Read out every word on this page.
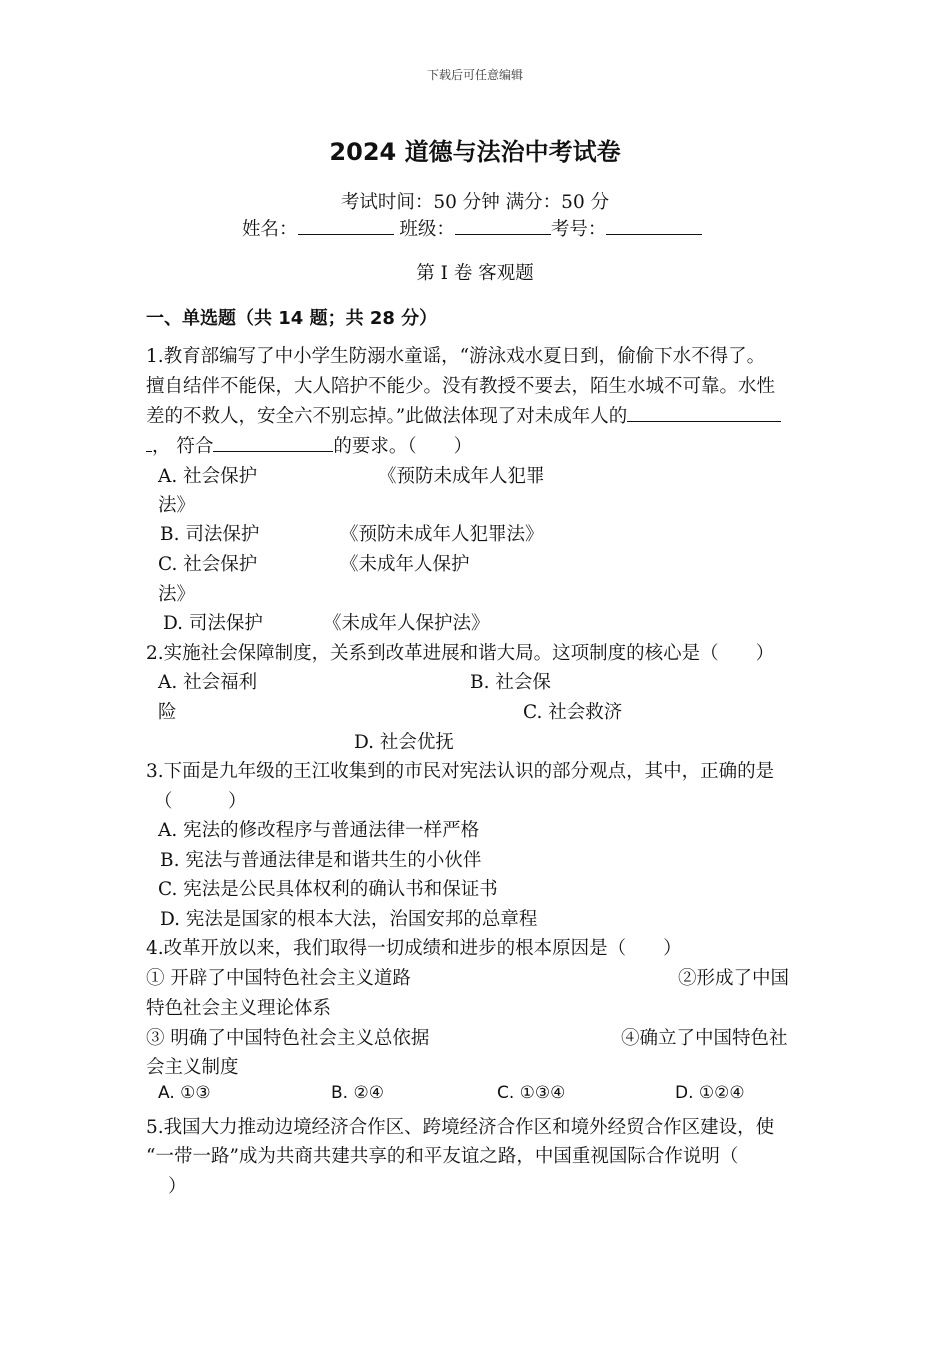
下载后可任意编辑
2024 道德与法治中考试卷
考试时间：50 分钟 满分：50 分
姓名：	班级：	考号：
第 I 卷 客观题
一、单选题（共 14 题；共 28 分）
1.教育部编写了中小学生防溺水童谣，“游泳戏水夏日到，偷偷下水不得了。
擅自结伴不能保，大人陪护不能少。没有教授不要去，陌生水城不可靠。水性
差的不救人，安全六不别忘掉。”此做法体现了对未成年人的
， 符合	的要求。（　　）
A. 社会保护	《预防未成年人犯罪
法》
B. 司法保护	《预防未成年人犯罪法》
C. 社会保护	《未成年人保护
法》
D. 司法保护	《未成年人保护法》
2.实施社会保障制度，关系到改革进展和谐大局。这项制度的核心是（　　）
A. 社会福利	B. 社会保
险	C. 社会救济
D. 社会优抚
3.下面是九年级的王江收集到的市民对宪法认识的部分观点，其中，正确的是
（　　　）
A. 宪法的修改程序与普通法律一样严格
B. 宪法与普通法律是和谐共生的小伙伴
C. 宪法是公民具体权利的确认书和保证书
D. 宪法是国家的根本大法，治国安邦的总章程
4.改革开放以来，我们取得一切成绩和进步的根本原因是（　　）
① 开辟了中国特色社会主义道路	②形成了中国
特色社会主义理论体系
③ 明确了中国特色社会主义总依据	④确立了中国特色社
会主义制度
A. ①③	B. ②④	C. ①③④	D. ①②④
5.我国大力推动边境经济合作区、跨境经济合作区和境外经贸合作区建设，使
“一带一路”成为共商共建共享的和平友谊之路，中国重视国际合作说明（
）
